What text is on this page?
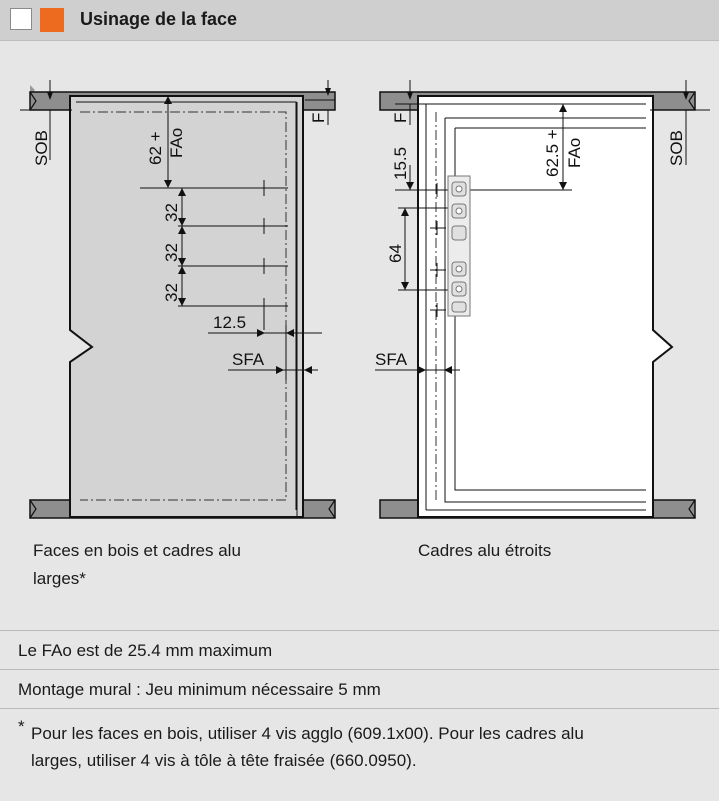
Usinage de la face
SOB
F
62 + FAo
32
32
32
12.5
SFA
F
15.5	62.5 + FAo
64
SOB
SFA
Faces en bois et cadres alu
larges*
Cadres alu étroits
Le FAo est de 25.4 mm maximum
Montage mural : Jeu minimum nécessaire 5 mm
* Pour les faces en bois, utiliser 4 vis agglo (609.1x00). Pour les cadres alu
larges, utiliser 4 vis à tôle à tête fraisée (660.0950).
